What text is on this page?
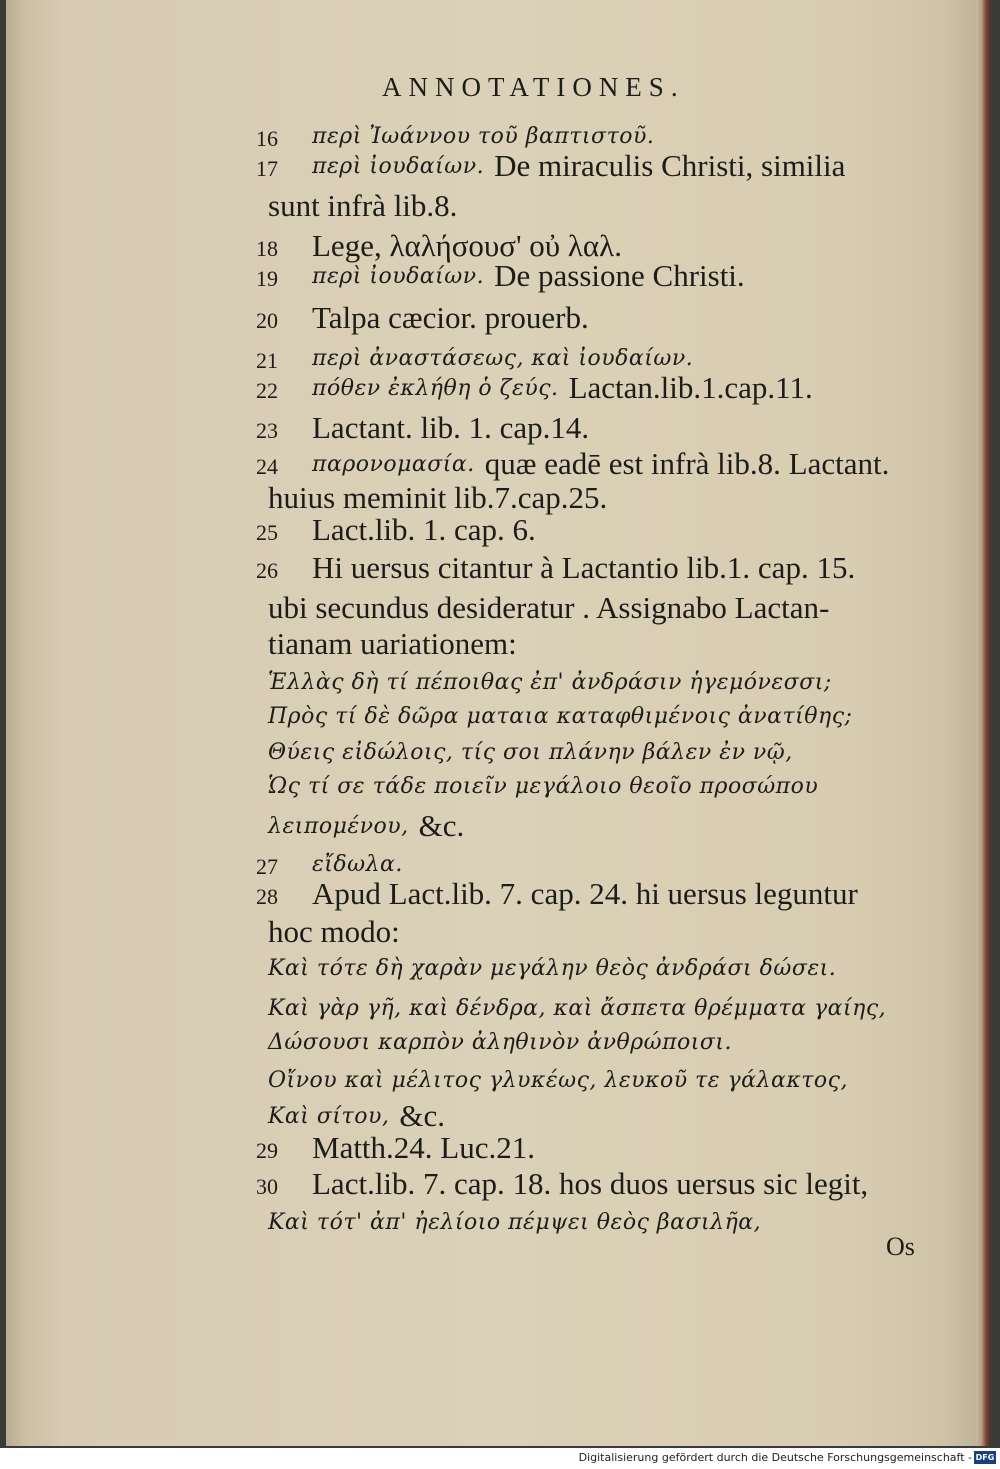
ANNOTATIONES.
16 περὶ Ἰωάννου τοῦ βαπτιστοῦ.
17 περὶ ἰουδαίων. De miraculis Christi, similia
sunt infrà lib.8.
18 Lege, λαλήσουσ' οὐ λαλ.
19 περὶ ἰουδαίων. De passione Christi.
20 Talpa cæcior. prouerb.
21 περὶ ἀναστάσεως, καὶ ἰουδαίων.
22 πόθεν ἐκλήθη ὁ ζεύς. Lactan.lib.1.cap.11.
23 Lactant. lib. 1. cap.14.
24 παρονομασία. quæ eadē est infrà lib.8. Lactant.
huius meminit lib.7.cap.25.
25 Lact.lib. 1. cap. 6.
26 Hi uersus citantur à Lactantio lib.1. cap. 15.
ubi secundus desideratur . Assignabo Lactan-
tianam uariationem:
Ἑλλὰς δὴ τί πέποιθας ἐπ' ἀνδράσιν ἡγεμόνεσσι;
Πρὸς τί δὲ δῶρα ματαια καταφθιμένοις ἀνατίθης;
Θύεις εἰδώλοις, τίς σοι πλάνην βάλεν ἐν νῷ,
Ὡς τί σε τάδε ποιεῖν μεγάλοιο θεοῖο προσώπου
λειπομένου, &c.
27 εἴδωλα.
28 Apud Lact.lib. 7. cap. 24. hi uersus leguntur
hoc modo:
Καὶ τότε δὴ χαρὰν μεγάλην θεὸς ἀνδράσι δώσει.
Καὶ γὰρ γῆ, καὶ δένδρα, καὶ ἄσπετα θρέμματα γαίης,
Δώσουσι καρπὸν ἀληθινὸν ἀνθρώποισι.
Οἴνου καὶ μέλιτος γλυκέως, λευκοῦ τε γάλακτος,
Καὶ σίτου, &c.
29 Matth.24. Luc.21.
30 Lact.lib. 7. cap. 18. hos duos uersus sic legit,
Καὶ τότ' ἀπ' ἠελίοιο πέμψει θεὸς βασιλῆα,
Os
Digitalisierung gefördert durch die Deutsche Forschungsgemeinschaft - DFG
